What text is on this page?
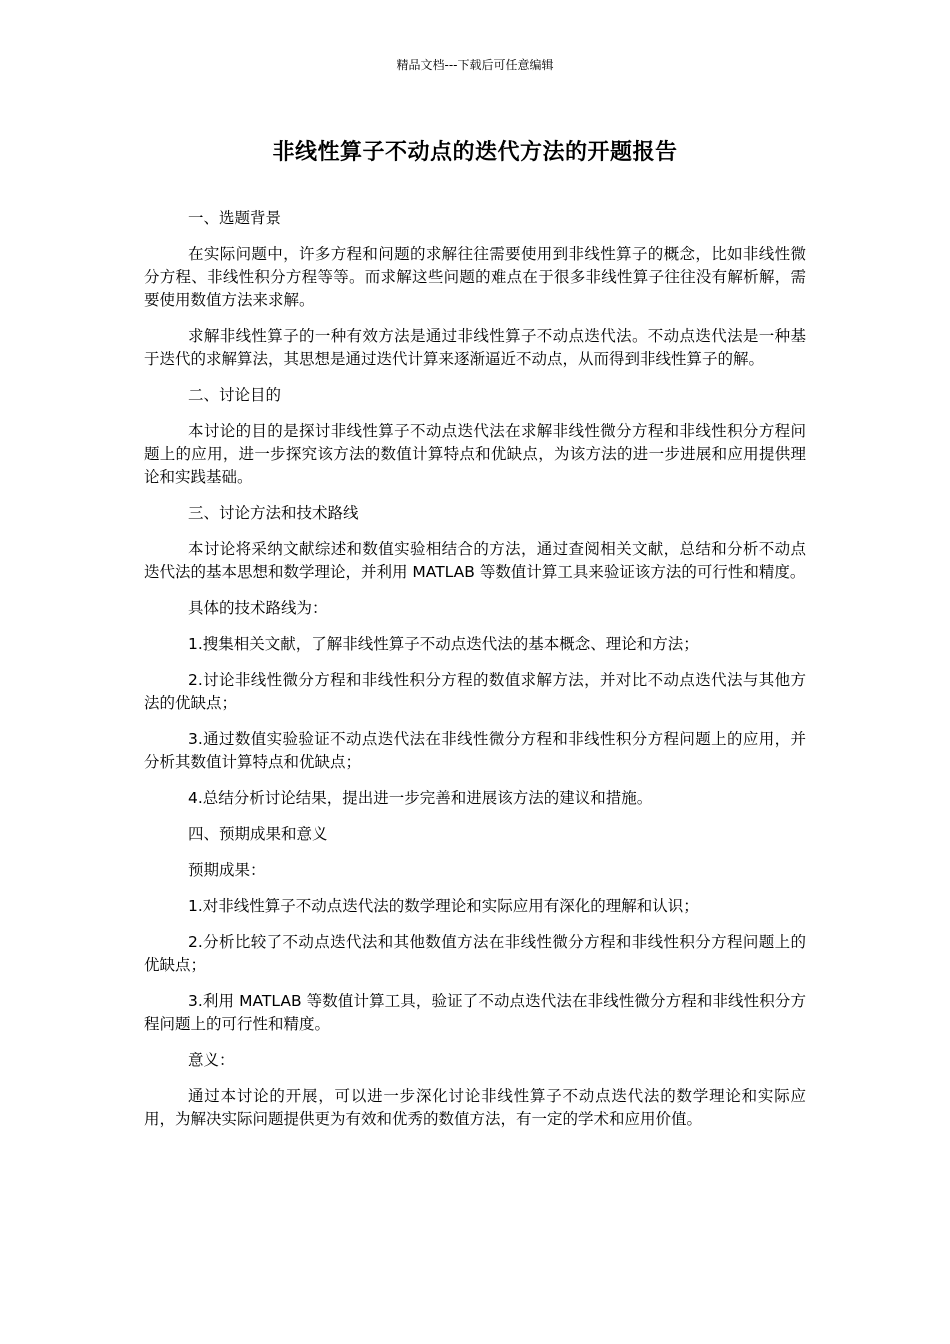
精品文档---下载后可任意编辑
非线性算子不动点的迭代方法的开题报告

一、选题背景

在实际问题中，许多方程和问题的求解往往需要使用到非线性算子的概念，比如非线性微分方程、非线性积分方程等等。而求解这些问题的难点在于很多非线性算子往往没有解析解，需要使用数值方法来求解。

求解非线性算子的一种有效方法是通过非线性算子不动点迭代法。不动点迭代法是一种基于迭代的求解算法，其思想是通过迭代计算来逐渐逼近不动点，从而得到非线性算子的解。

二、讨论目的

本讨论的目的是探讨非线性算子不动点迭代法在求解非线性微分方程和非线性积分方程问题上的应用，进一步探究该方法的数值计算特点和优缺点，为该方法的进一步进展和应用提供理论和实践基础。

三、讨论方法和技术路线

本讨论将采纳文献综述和数值实验相结合的方法，通过查阅相关文献，总结和分析不动点迭代法的基本思想和数学理论，并利用 MATLAB 等数值计算工具来验证该方法的可行性和精度。

具体的技术路线为：

1.搜集相关文献，了解非线性算子不动点迭代法的基本概念、理论和方法；

2.讨论非线性微分方程和非线性积分方程的数值求解方法，并对比不动点迭代法与其他方法的优缺点；

3.通过数值实验验证不动点迭代法在非线性微分方程和非线性积分方程问题上的应用，并分析其数值计算特点和优缺点；

4.总结分析讨论结果，提出进一步完善和进展该方法的建议和措施。

四、预期成果和意义

预期成果：

1.对非线性算子不动点迭代法的数学理论和实际应用有深化的理解和认识；

2.分析比较了不动点迭代法和其他数值方法在非线性微分方程和非线性积分方程问题上的优缺点；

3.利用 MATLAB 等数值计算工具，验证了不动点迭代法在非线性微分方程和非线性积分方程问题上的可行性和精度。

意义：

通过本讨论的开展，可以进一步深化讨论非线性算子不动点迭代法的数学理论和实际应用，为解决实际问题提供更为有效和优秀的数值方法，有一定的学术和应用价值。
